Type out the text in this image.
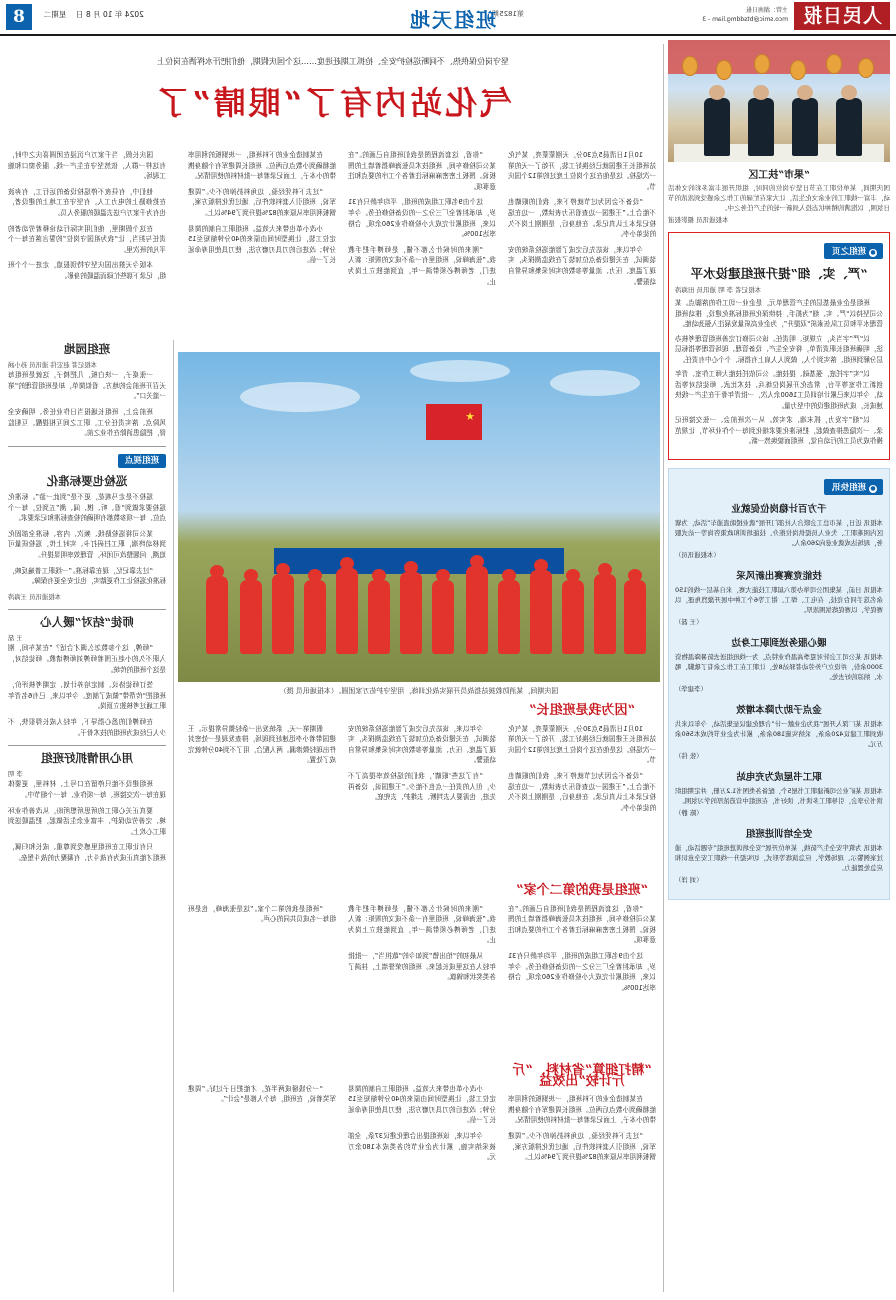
人民日报
主管：湖南日报
mco.smic@btsddmg.liam - 3
第1825期
班组天地
2024 年 10 月 8 日    星期二
8
“果市”扶工区
国庆期间，某单位职工在节日坚守岗位的同时，组织开展丰富多彩的文体活动，丰富一线职工的业余文化生活，让大家在忙碌的工作之余感受到浓浓的节日氛围，以饱满的精神状态投入到新一轮的生产任务之中。
本报通讯员 摄影报道
●班组之页
“严、实、细”提升班组建设水平
本报记者 李 明 通讯员 田海涛

班组是企业最基层的生产管理单元，是企业一切工作的落脚点。某公司坚持以“严、实、细”为抓手，持续深化班组标准化建设，推动班组管理水平和员工队伍素质“双提升”，为企业高质量发展注入强劲动能。

以“严”字当头，立规矩、明责任。该公司修订完善班组管理考核办法，明确班组长职责清单，将安全生产、设备管理、现场管理等指标层层分解到班组、落实到个人，做到人人肩上有指标、个个心中有责任。

以“实”字托底，强基础、提技能。公司依托技能大师工作室、青年创新工作室等平台，常态化开展岗位练兵、技术比武、师徒结对等活动，今年以来已累计培训员工1600余人次，一批青年骨干在生产一线快速成长，成为班组建设的中坚力量。

以“细”字发力，抓末端、求实效。从一次班前会、一张交接班记录、一次隐患排查做起，把标准化要求细化到每一个作业环节，让规范操作成为员工的行动自觉，班组面貌焕然一新。

●班组快讯
千方百计稳岗位促就业

本报讯 近日，某市总工会联合人社部门开展“就业援助直通车”活动，为辖区内困难职工、失业人员提供岗位推介、技能培训和政策咨询等一站式服务，现场达成就业意向260余人。

（本报通讯员）
技能竞赛赛出新风采

本报讯 日前，某集团公司举办第六届职工技能大赛，来自基层一线的150余名选手同台竞技，在电工、焊工、钳工等6个工种中展开激烈角逐，以赛促学、以赛促练氛围浓厚。

（王 磊）
暖心服务送到职工身边

本报讯 某公司工会针对夏季高温作业特点，为一线班组送去防暑降温物资3000余份，并设立户外劳动者驿站8处，让职工在工作之余有了歇脚、喝水、纳凉的好去处。

（李建华）
金点子助力降本增效

本报讯 某厂深入开展“我为企业献一计”合理化建议征集活动，今年以来共收到职工建议420余条，采纳实施180余条，累计为企业节约成本560余万元。

（张 伟）
职工书屋成为充电站

本报讯 某矿业公司新建职工书屋5个，配备各类图书1.2万册，并定期组织读书分享会，引导职工多读书、读好书，在班组中营造浓厚的学习氛围。

（陈 静）
安全培训进班组

本报讯 为筑牢安全生产防线，某单位开展“安全培训进班组”专题活动，通过案例警示、现场教学、应急演练等形式，切实提升一线职工安全意识和应急处置能力。

（刘 洋）
坚守岗位保供热、不间断巡检护安全、抢抓工期赶进度……这个国庆假期，他们把汗水挥洒在岗位上
气化站内有了“眼睛”了
★
国庆期间，某消防救援站指战员开展实战化训练，用坚守护佑万家团圆。（本报通讯员 摄）

10月1日清晨5点30分，天刚蒙蒙亮，某气化站班组长王建国就已经换好工装，开始了一天的第一次巡检。这是他在这个岗位上度过的第12个国庆节。

“设备不会因为过节就停下来，我们的眼睛也不能合上。”王建国一边查看压力表读数，一边在巡检记录本上认真记录。在他身后，是刚刚上岗不久的徒弟小李。

今年以来，该站先后完成了智能巡检系统的安装调试，在关键设备点位加装了在线监测探头，实现了温度、压力、流量等参数的实时采集和异常自动报警。

“你看，这套流程图是我们班组自己画的。”在某公司检修车间，班组技术员张海峰指着墙上的图板说。图板上密密麻麻标注着各个工序的要点和注意事项。

这个由9名职工组成的班组，平均年龄只有31岁，却承担着全厂三分之一的设备检修任务。今年以来，班组累计完成大小检修作业260余项，合格率达100%。

“刚来的时候什么都不懂，是师傅手把手教我。”张海峰说，班组里有一条不成文的规矩：新人进门，老师傅必须带满一年，直到能独立上岗为止。

在某制造企业的下料班组，一块钢板的利用率能精确到小数点后两位。班组长周建军有个随身携带的小本子，上面记录着每一批材料的使用情况。

“过去下料凭经验，边角料扔掉的不少。”周建军说，班组引入套料软件后，通过优化排版方案，钢板利用率从原来的82%提升到了94%以上。

小改小革也带来大效益。班组职工自制的简易定位工装，让换型时间由原来的40分钟缩短至15分钟；改进后的刀具刃磨方法，使刀具使用寿命延长了一倍。

国庆长假，当千家万户沉浸在团圆喜庆之中时，有这样一群人，依然坚守在生产一线、服务窗口和施工现场。

他们中，有昼夜不停巡检设备的运行工，有奔波在抢修路上的电力工人，有坚守在工地上的建设者，也有为千家万户送去温暖的服务人员。

在这个假期里，他们用实际行动诠释着劳动者的责任与担当，让“我为祖国守岗位”的誓言落在每一个平凡的班次里。

本版今天推出国庆坚守特别报道，走进一个个班组，记录下那些忙碌而温暖的身影。

“因为我是班组长”

10月1日清晨5点30分，天刚蒙蒙亮，某气化站班组长王建国就已经换好工装，开始了一天的第一次巡检。这是他在这个岗位上度过的第12个国庆节。

“设备不会因为过节就停下来，我们的眼睛也不能合上。”王建国一边查看压力表读数，一边在巡检记录本上认真记录。在他身后，是刚刚上岗不久的徒弟小李。

今年以来，该站先后完成了智能巡检系统的安装调试，在关键设备点位加装了在线监测探头，实现了温度、压力、流量等参数的实时采集和异常自动报警。

“有了这些‘眼睛’，我们的巡检效率提高了不少，但人的责任一点也不能少。”王建国说，设备再先进，也需要人去判断、去维护、去兜底。

假期第一天，系统发出一条轻微异常提示。王建国带着小李迅速赶到现场，排查发现是一处密封件出现轻微渗漏。两人配合，用了不到40分钟就完成了处置。

“班组是我的第二个家”

“你看，这套流程图是我们班组自己画的。”在某公司检修车间，班组技术员张海峰指着墙上的图板说。图板上密密麻麻标注着各个工序的要点和注意事项。

这个由9名职工组成的班组，平均年龄只有31岁，却承担着全厂三分之一的设备检修任务。今年以来，班组累计完成大小检修作业260余项，合格率达100%。

“刚来的时候什么都不懂，是师傅手把手教我。”张海峰说，班组里有一条不成文的规矩：新人进门，老师傅必须带满一年，直到能独立上岗为止。

从最初的“怕出错”到如今的“敢担当”，一批批年轻人在这里成长起来。班组的荣誉墙上，挂满了各类奖状和锦旗。

“班组是我的第二个家。”这是张海峰，也是班组每一名成员共同的心声。

“精打细算”省材料，“斤斤计较”出效益

在某制造企业的下料班组，一块钢板的利用率能精确到小数点后两位。班组长周建军有个随身携带的小本子，上面记录着每一批材料的使用情况。

“过去下料凭经验，边角料扔掉的不少。”周建军说，班组引入套料软件后，通过优化排版方案，钢板利用率从原来的82%提升到了94%以上。

小改小革也带来大效益。班组职工自制的简易定位工装，让换型时间由原来的40分钟缩短至15分钟；改进后的刀具刃磨方法，使刀具使用寿命延长了一倍。

今年以来，该班组提出合理化建议37条，全部被采纳实施，累计为企业节约各类成本180余万元。

“一分钱掰成两半花，才能把日子过好。”周建军笑着说，在班组，每个人都是“会计”。

班组园地
本报记者 赵宏伟 通讯员 孙小涵

一张桌子，一块白板，几把椅子，这就是班组每天召开班前会的地方。看似简单，却是班组管理的“第一道关口”。

班前会上，班组长通报当日作业任务、明确安全风险点、落实责任分工，职工之间互相提醒、互相监督，把隐患消除在作业之前。

班组视点
巡检也要标准化

巡检不是走马观花，更不是“到此一游”。标准化巡检要求做到“看、听、摸、闻、测”五到位，每一个点位、每一项参数都有明确的检查标准和记录要求。

某公司将巡检路线、频次、内容、标准全部固化到移动终端，职工扫码打卡、实时上传，巡检质量可追溯，问题整改可闭环，管理效率明显提升。

“过去靠记忆，现在靠标准。”一线职工普遍反映，标准化巡检让工作更踏实，也让安全更有保障。

本报通讯员 王海涛

师徒“结对”暖人心
王 磊

“师傅，这个参数怎么调才合适？”在某车间，刚入职不久的小赵正围着师傅刘师傅请教。师徒结对，是这个班组的传统。

签订师徒协议、制定培养计划、定期考核评价，班组把“传帮带”做成了制度。今年以来，已有6名青年职工通过考核独立顶岗。

在师傅们的悉心指导下，年轻人成长得很快，不少人已经成为班组的技术骨干。

用心用情抓好班组
李 明

班组建设不能只停留在口号上、材料里，更要体现在每一次交接班、每一项作业、每一个细节中。

要真正关心职工的所思所想所盼，从改善作业环境、完善劳动保护、丰富业余生活做起，把温暖送到职工心坎上。

只有让职工在班组里感受到尊重、成长和归属，班组才能真正成为有战斗力、有凝聚力的战斗堡垒。
